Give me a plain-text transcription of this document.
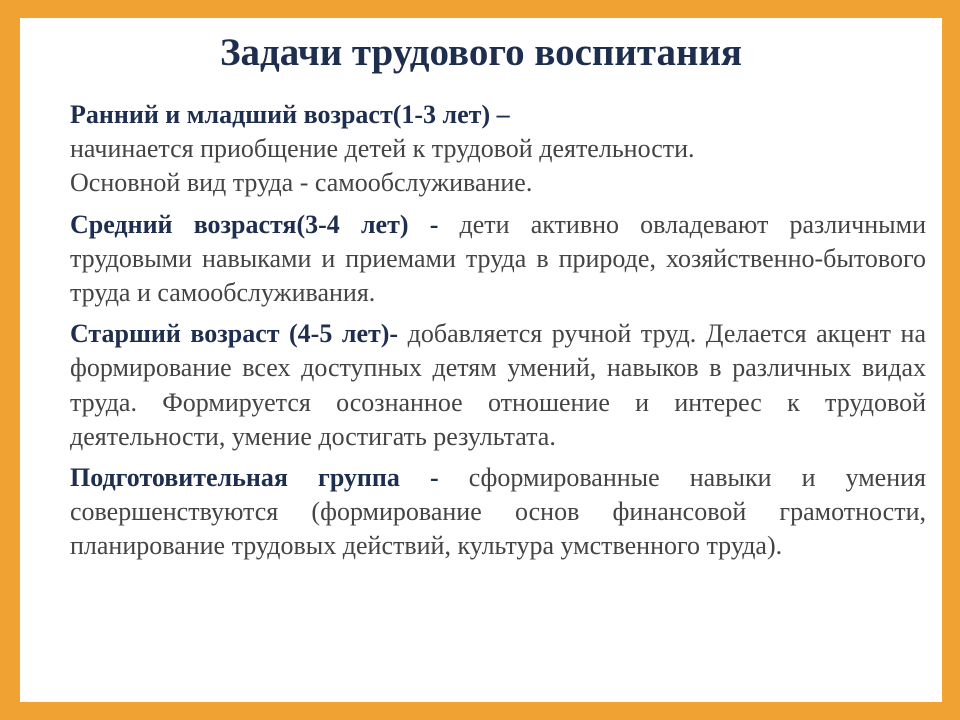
Задачи трудового воспитания

Ранний и младший возраст(1-3 лет) –
начинается приобщение детей к трудовой деятельности.
Основной вид труда - самообслуживание.

Средний возрастя(3-4 лет) - дети активно овладевают различными трудовыми навыками и приемами труда в природе, хозяйственно-бытового труда и самообслуживания.

Старший возраст (4-5 лет)- добавляется ручной труд. Делается акцент на формирование всех доступных детям умений, навыков в различных видах труда. Формируется осознанное отношение и интерес к трудовой деятельности, умение достигать результата.

Подготовительная группа - сформированные навыки и умения совершенствуются (формирование основ финансовой грамотности, планирование трудовых действий, культура умственного труда).
